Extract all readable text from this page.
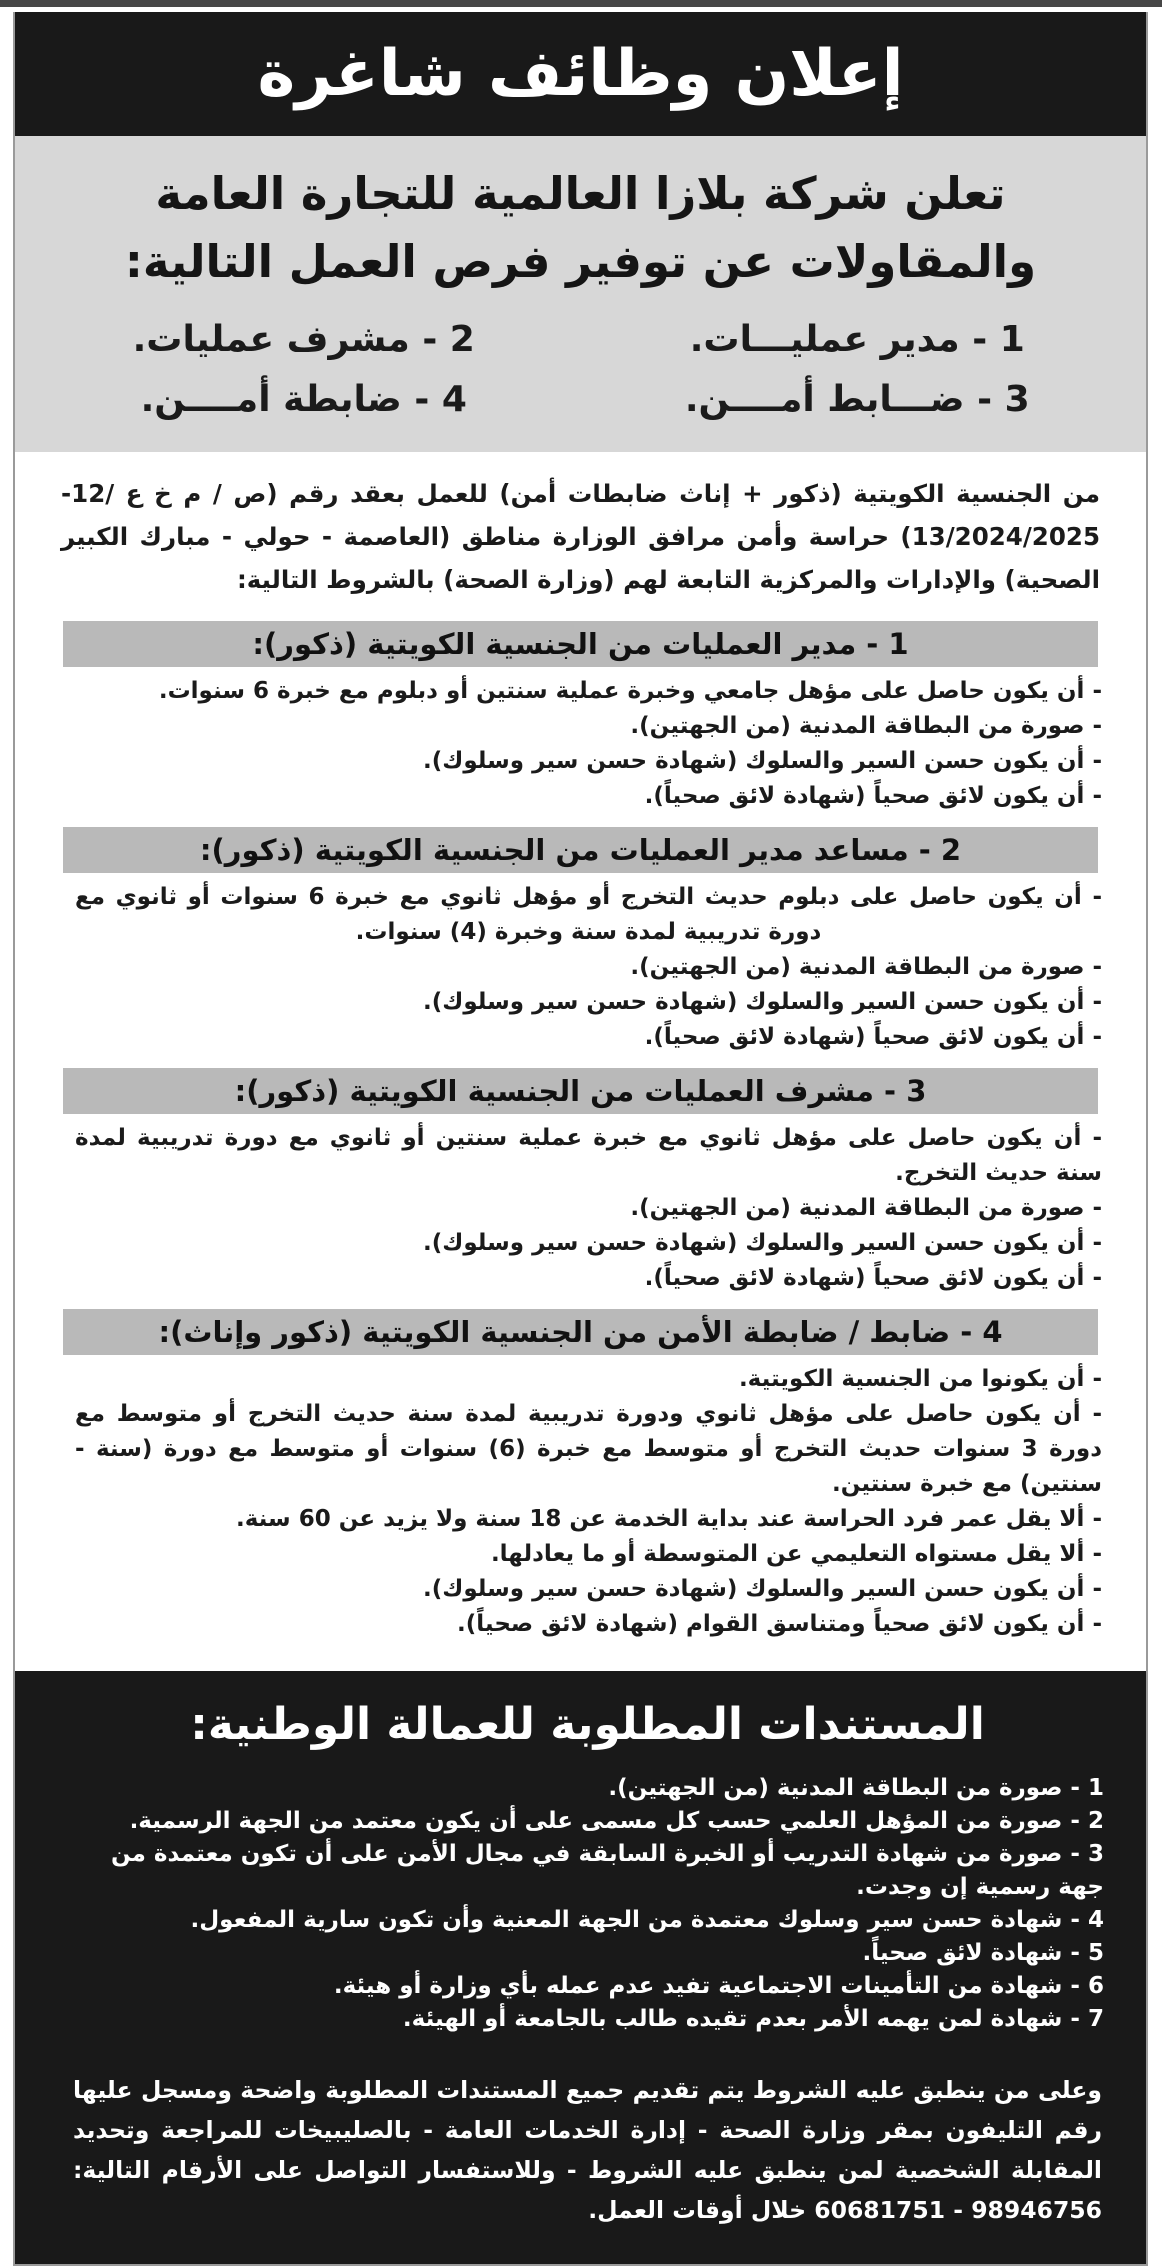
إعلان وظائف شاغرة
تعلن شركة بلازا العالمية للتجارة العامة
والمقاولات عن توفير فرص العمل التالية:
1 - مدير عمليـــات.
2 - مشرف عمليات.
3 - ضـــابط أمــــن.
4 - ضابطة أمــــن.

من الجنسية الكويتية (ذكور + إناث ضابطات أمن) للعمل بعقد رقم (ص / م خ ع /12-13/2024/2025) حراسة وأمن مرافق الوزارة مناطق (العاصمة - حولي - مبارك الكبير الصحية) والإدارات والمركزية التابعة لهم (وزارة الصحة) بالشروط التالية:

1 - مدير العمليات من الجنسية الكويتية (ذكور):
- أن يكون حاصل على مؤهل جامعي وخبرة عملية سنتين أو دبلوم مع خبرة 6 سنوات.
- صورة من البطاقة المدنية (من الجهتين).
- أن يكون حسن السير والسلوك (شهادة حسن سير وسلوك).
- أن يكون لائق صحياً (شهادة لائق صحياً).
2 - مساعد مدير العمليات من الجنسية الكويتية (ذكور):
- أن يكون حاصل على دبلوم حديث التخرج أو مؤهل ثانوي مع خبرة 6 سنوات أو ثانوي مع دورة تدريبية لمدة سنة وخبرة (4) سنوات.
- صورة من البطاقة المدنية (من الجهتين).
- أن يكون حسن السير والسلوك (شهادة حسن سير وسلوك).
- أن يكون لائق صحياً (شهادة لائق صحياً).
3 - مشرف العمليات من الجنسية الكويتية (ذكور):
- أن يكون حاصل على مؤهل ثانوي مع خبرة عملية سنتين أو ثانوي مع دورة تدريبية لمدة سنة حديث التخرج.
- صورة من البطاقة المدنية (من الجهتين).
- أن يكون حسن السير والسلوك (شهادة حسن سير وسلوك).
- أن يكون لائق صحياً (شهادة لائق صحياً).
4 - ضابط / ضابطة الأمن من الجنسية الكويتية (ذكور وإناث):
- أن يكونوا من الجنسية الكويتية.
- أن يكون حاصل على مؤهل ثانوي ودورة تدريبية لمدة سنة حديث التخرج أو متوسط مع دورة 3 سنوات حديث التخرج أو متوسط مع خبرة (6) سنوات أو متوسط مع دورة (سنة - سنتين) مع خبرة سنتين.
- ألا يقل عمر فرد الحراسة عند بداية الخدمة عن 18 سنة ولا يزيد عن 60 سنة.
- ألا يقل مستواه التعليمي عن المتوسطة أو ما يعادلها.
- أن يكون حسن السير والسلوك (شهادة حسن سير وسلوك).
- أن يكون لائق صحياً ومتناسق القوام (شهادة لائق صحياً).
المستندات المطلوبة للعمالة الوطنية:
1 - صورة من البطاقة المدنية (من الجهتين).
2 - صورة من المؤهل العلمي حسب كل مسمى على أن يكون معتمد من الجهة الرسمية.
3 - صورة من شهادة التدريب أو الخبرة السابقة في مجال الأمن على أن تكون معتمدة من جهة رسمية إن وجدت.
4 - شهادة حسن سير وسلوك معتمدة من الجهة المعنية وأن تكون سارية المفعول.
5 - شهادة لائق صحياً.
6 - شهادة من التأمينات الاجتماعية تفيد عدم عمله بأي وزارة أو هيئة.
7 - شهادة لمن يهمه الأمر بعدم تقيده طالب بالجامعة أو الهيئة.

وعلى من ينطبق عليه الشروط يتم تقديم جميع المستندات المطلوبة واضحة ومسجل عليها رقم التليفون بمقر وزارة الصحة - إدارة الخدمات العامة - بالصليبيخات للمراجعة وتحديد المقابلة الشخصية لمن ينطبق عليه الشروط - وللاستفسار التواصل على الأرقام التالية: 98946756 - 60681751 خلال أوقات العمل.
